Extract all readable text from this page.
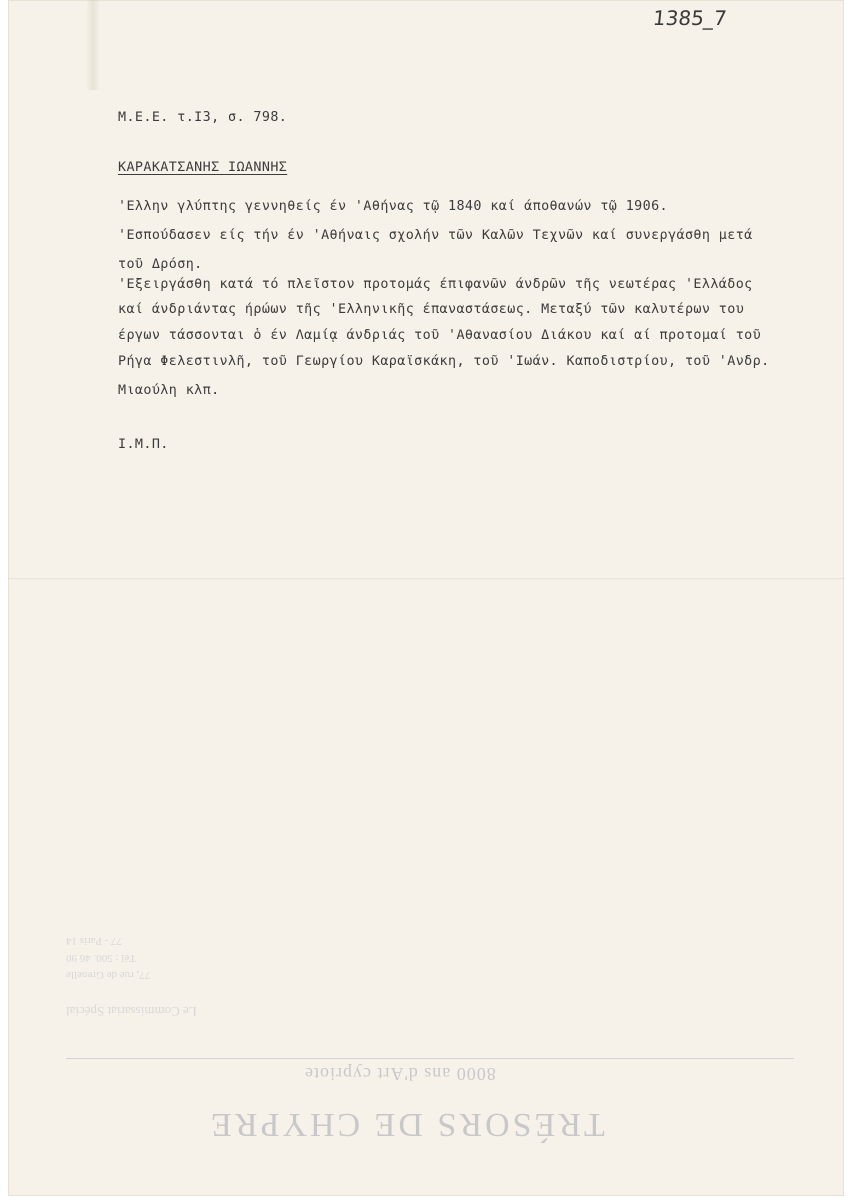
1385_7
Μ.Ε.Ε. τ.Ι3, σ. 798.
ΚΑΡΑΚΑΤΣΑΝΗΣ ΙΩΑΝΝΗΣ
'Ελλην γλύπτης γεννηθείς έν 'Αθήνας τῷ 1840 καί άποθανών τῷ 1906.
'Εσπούδασεν είς τήν έν 'Αθήναις σχολήν τῶν Καλῶν Τεχνῶν καί συνεργάσθη μετά
τοῦ Δρόση.
'Εξειργάσθη κατά τό πλεῖστον προτομάς έπιφανῶν άνδρῶν τῆς νεωτέρας 'Ελλάδος
καί άνδριάντας ήρώων τῆς 'Ελληνικῆς έπαναστάσεως. Μεταξύ τῶν καλυτέρων του
έργων τάσσονται ὁ έν Λαμίᾳ άνδριάς τοῦ 'Αθανασίου Διάκου καί αί προτομαί τοῦ
Ρήγα Φελεστινλῆ, τοῦ Γεωργίου Καραϊσκάκη, τοῦ 'Ιωάν. Καποδιστρίου, τοῦ 'Ανδρ.
Μιαούλη κλπ.
Ι.Μ.Π.
77 - Paris 14
Tél : 500. 46 90
77, rue de Grenelle
Le Commissariat Spécial
8000 ans d'Art cypriote
TRÉSORS DE CHYPRE
